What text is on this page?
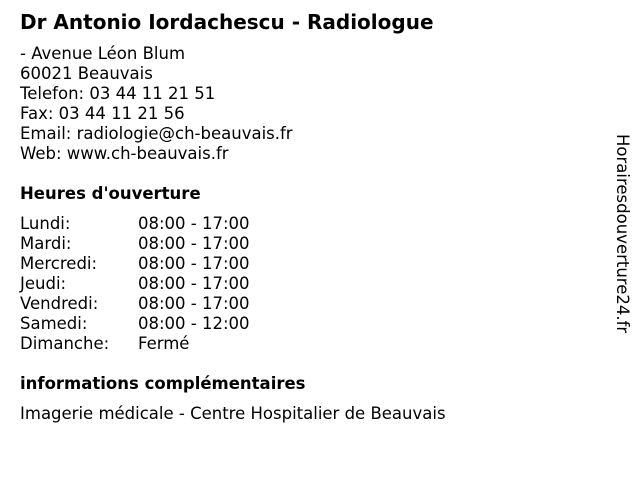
Dr Antonio Iordachescu - Radiologue
- Avenue Léon Blum
60021 Beauvais
Telefon: 03 44 11 21 51
Fax: 03 44 11 21 56
Email: radiologie@ch-beauvais.fr
Web: www.ch-beauvais.fr
Heures d'ouverture
Lundi:	08:00 - 17:00
Mardi:	08:00 - 17:00
Mercredi:	08:00 - 17:00
Jeudi:	08:00 - 17:00
Vendredi:	08:00 - 17:00
Samedi:	08:00 - 12:00
Dimanche:	Fermé
informations complémentaires
Imagerie médicale - Centre Hospitalier de Beauvais
Horairesdouverture24.fr
